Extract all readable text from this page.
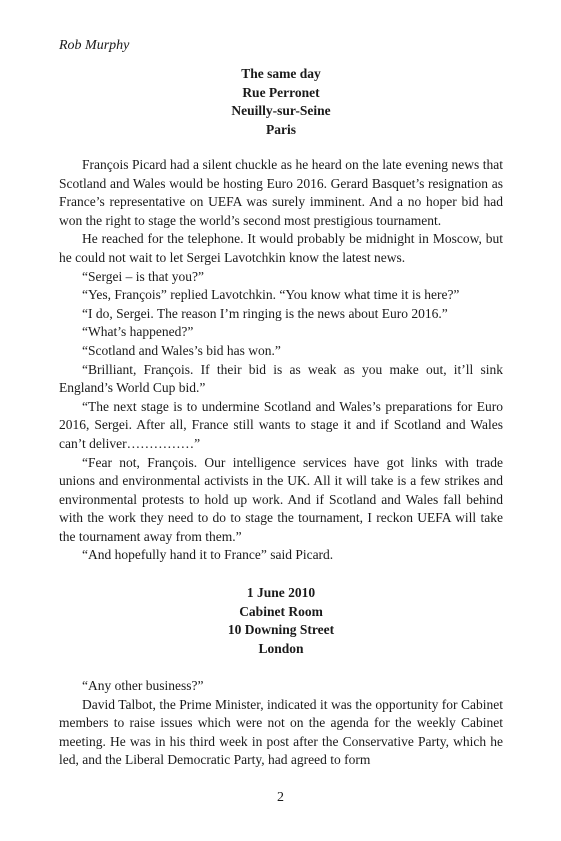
Rob Murphy
The same day
Rue Perronet
Neuilly-sur-Seine
Paris

François Picard had a silent chuckle as he heard on the late evening news that Scotland and Wales would be hosting Euro 2016. Gerard Basquet’s resignation as France’s representative on UEFA was surely imminent. And a no hoper bid had won the right to stage the world’s second most prestigious tournament.

He reached for the telephone. It would probably be midnight in Moscow, but he could not wait to let Sergei Lavotchkin know the latest news.

“Sergei – is that you?”

“Yes, François” replied Lavotchkin. “You know what time it is here?”

“I do, Sergei. The reason I’m ringing is the news about Euro 2016.”

“What’s happened?”

“Scotland and Wales’s bid has won.”

“Brilliant, François. If their bid is as weak as you make out, it’ll sink England’s World Cup bid.”

“The next stage is to undermine Scotland and Wales’s preparations for Euro 2016, Sergei. After all, France still wants to stage it and if Scotland and Wales can’t deliver……………”

“Fear not, François. Our intelligence services have got links with trade unions and environmental activists in the UK. All it will take is a few strikes and environmental protests to hold up work. And if Scotland and Wales fall behind with the work they need to do to stage the tournament, I reckon UEFA will take the tournament away from them.”

“And hopefully hand it to France” said Picard.

1 June 2010
Cabinet Room
10 Downing Street
London

“Any other business?”

David Talbot, the Prime Minister, indicated it was the opportunity for Cabinet members to raise issues which were not on the agenda for the weekly Cabinet meeting. He was in his third week in post after the Conservative Party, which he led, and the Liberal Democratic Party, had agreed to form

2
